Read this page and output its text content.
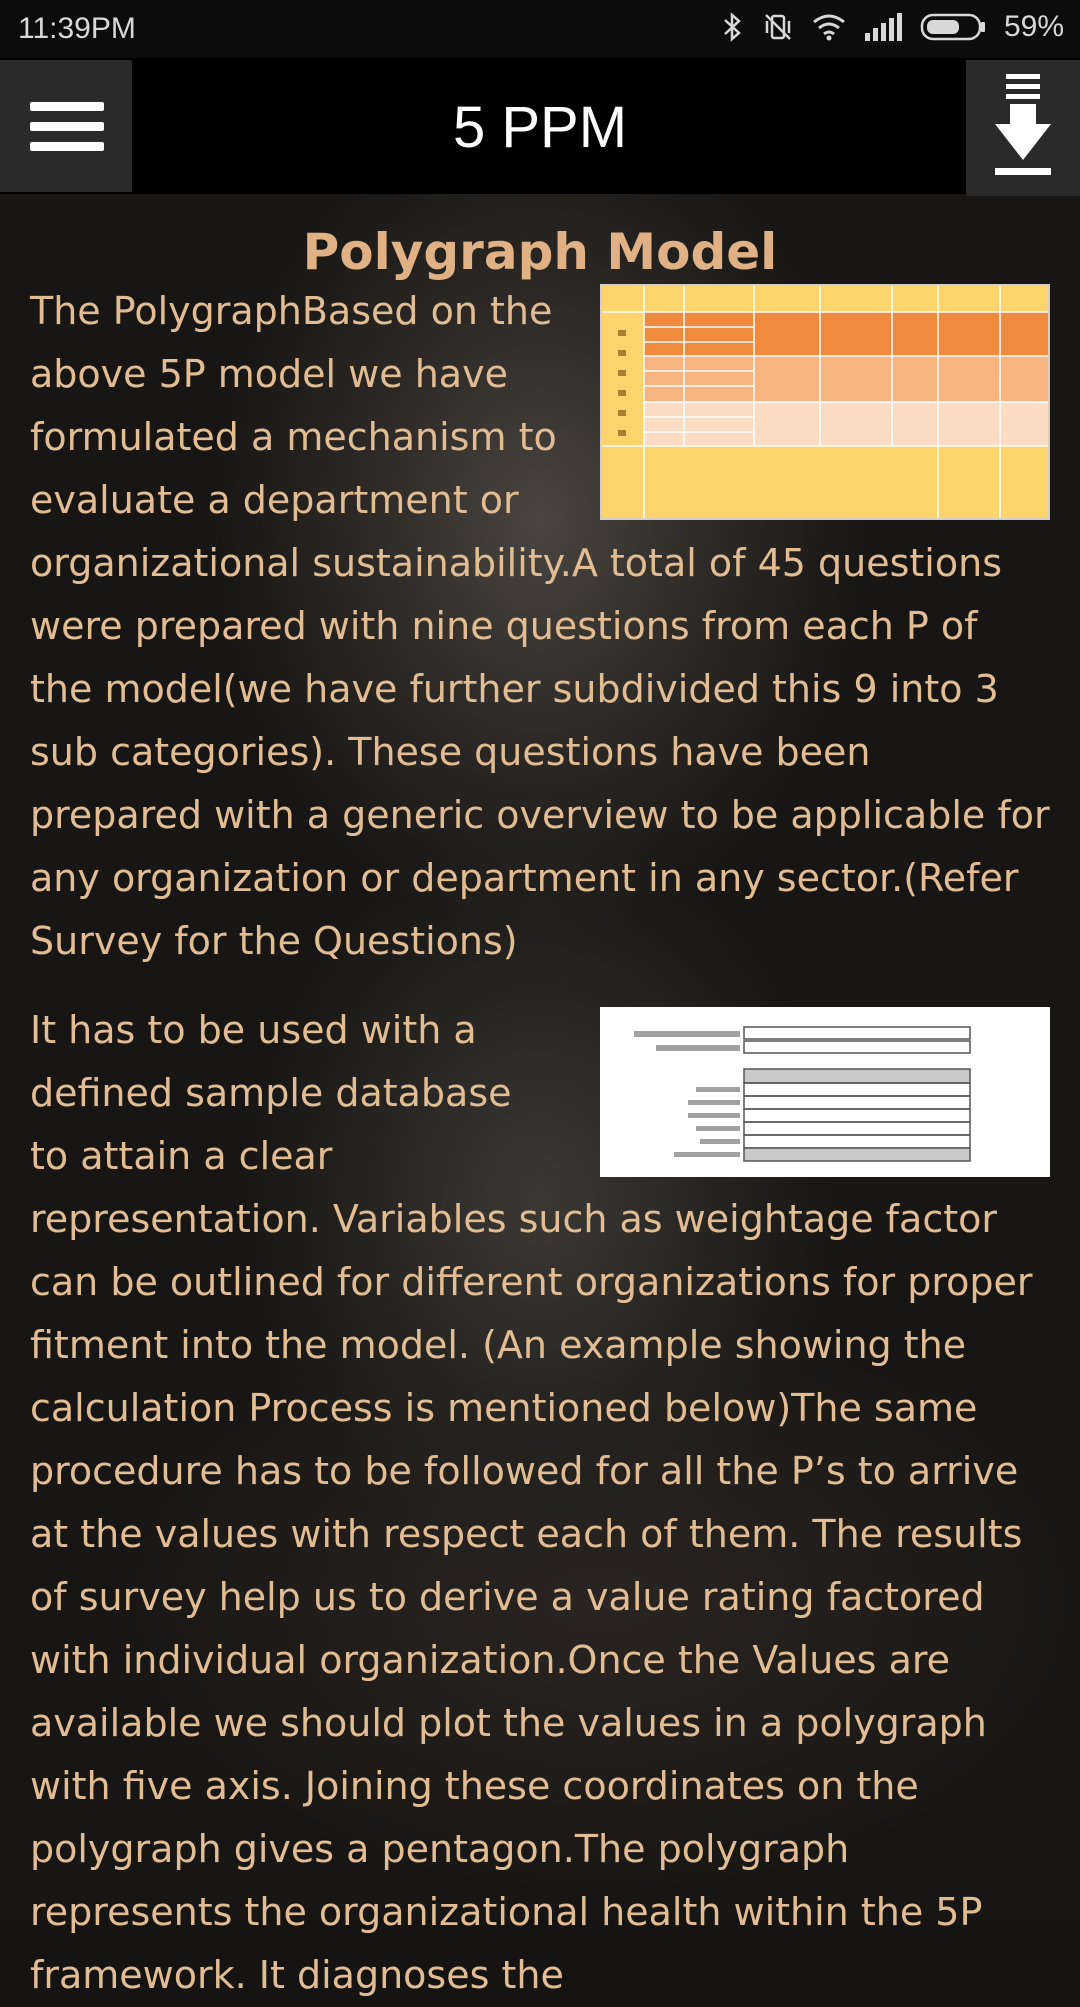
11:39PM	59%
5 PPM
Polygraph Model
The PolygraphBased on the above 5P model we have formulated a mechanism to evaluate a department or organizational sustainability.A total of 45 questions were prepared with nine questions from each P of the model(we have further subdivided this 9 into 3 sub categories). These questions have been prepared with a generic overview to be applicable for any organization or department in any sector.(Refer Survey for the Questions)
It has to be used with a defined sample database to attain a clear representation. Variables such as weightage factor can be outlined for different organizations for proper fitment into the model. (An example showing the calculation Process is mentioned below)The same procedure has to be followed for all the P’s to arrive at the values with respect each of them. The results of survey help us to derive a value rating factored with individual organization.Once the Values are available we should plot the values in a polygraph with five axis. Joining these coordinates on the polygraph gives a pentagon.The polygraph represents the organizational health within the 5P framework. It diagnoses the
